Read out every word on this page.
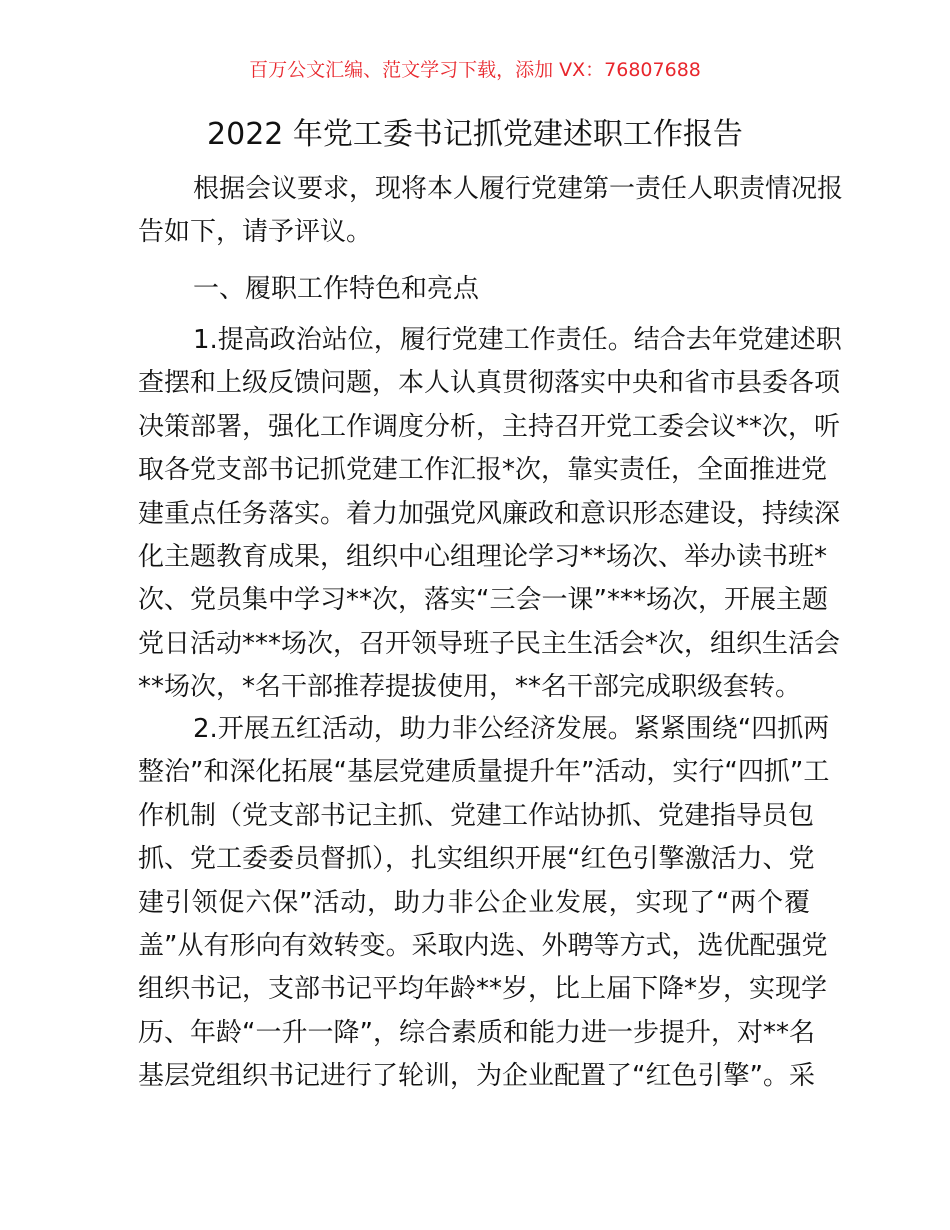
百万公文汇编、范文学习下载，添加 VX：76807688
2022 年党工委书记抓党建述职工作报告
根据会议要求，现将本人履行党建第一责任人职责情况报
告如下，请予评议。
一、履职工作特色和亮点
1.提高政治站位，履行党建工作责任。结合去年党建述职
查摆和上级反馈问题，本人认真贯彻落实中央和省市县委各项
决策部署，强化工作调度分析，主持召开党工委会议**次，听
取各党支部书记抓党建工作汇报*次，靠实责任，全面推进党
建重点任务落实。着力加强党风廉政和意识形态建设，持续深
化主题教育成果，组织中心组理论学习**场次、举办读书班*
次、党员集中学习**次，落实“三会一课”***场次，开展主题
党日活动***场次，召开领导班子民主生活会*次，组织生活会
**场次，*名干部推荐提拔使用，**名干部完成职级套转。
2.开展五红活动，助力非公经济发展。紧紧围绕“四抓两
整治”和深化拓展“基层党建质量提升年”活动，实行“四抓”工
作机制（党支部书记主抓、党建工作站协抓、党建指导员包
抓、党工委委员督抓），扎实组织开展“红色引擎激活力、党
建引领促六保”活动，助力非公企业发展，实现了“两个覆
盖”从有形向有效转变。采取内选、外聘等方式，选优配强党
组织书记，支部书记平均年龄**岁，比上届下降*岁，实现学
历、年龄“一升一降”，综合素质和能力进一步提升，对**名
基层党组织书记进行了轮训，为企业配置了“红色引擎”。采
